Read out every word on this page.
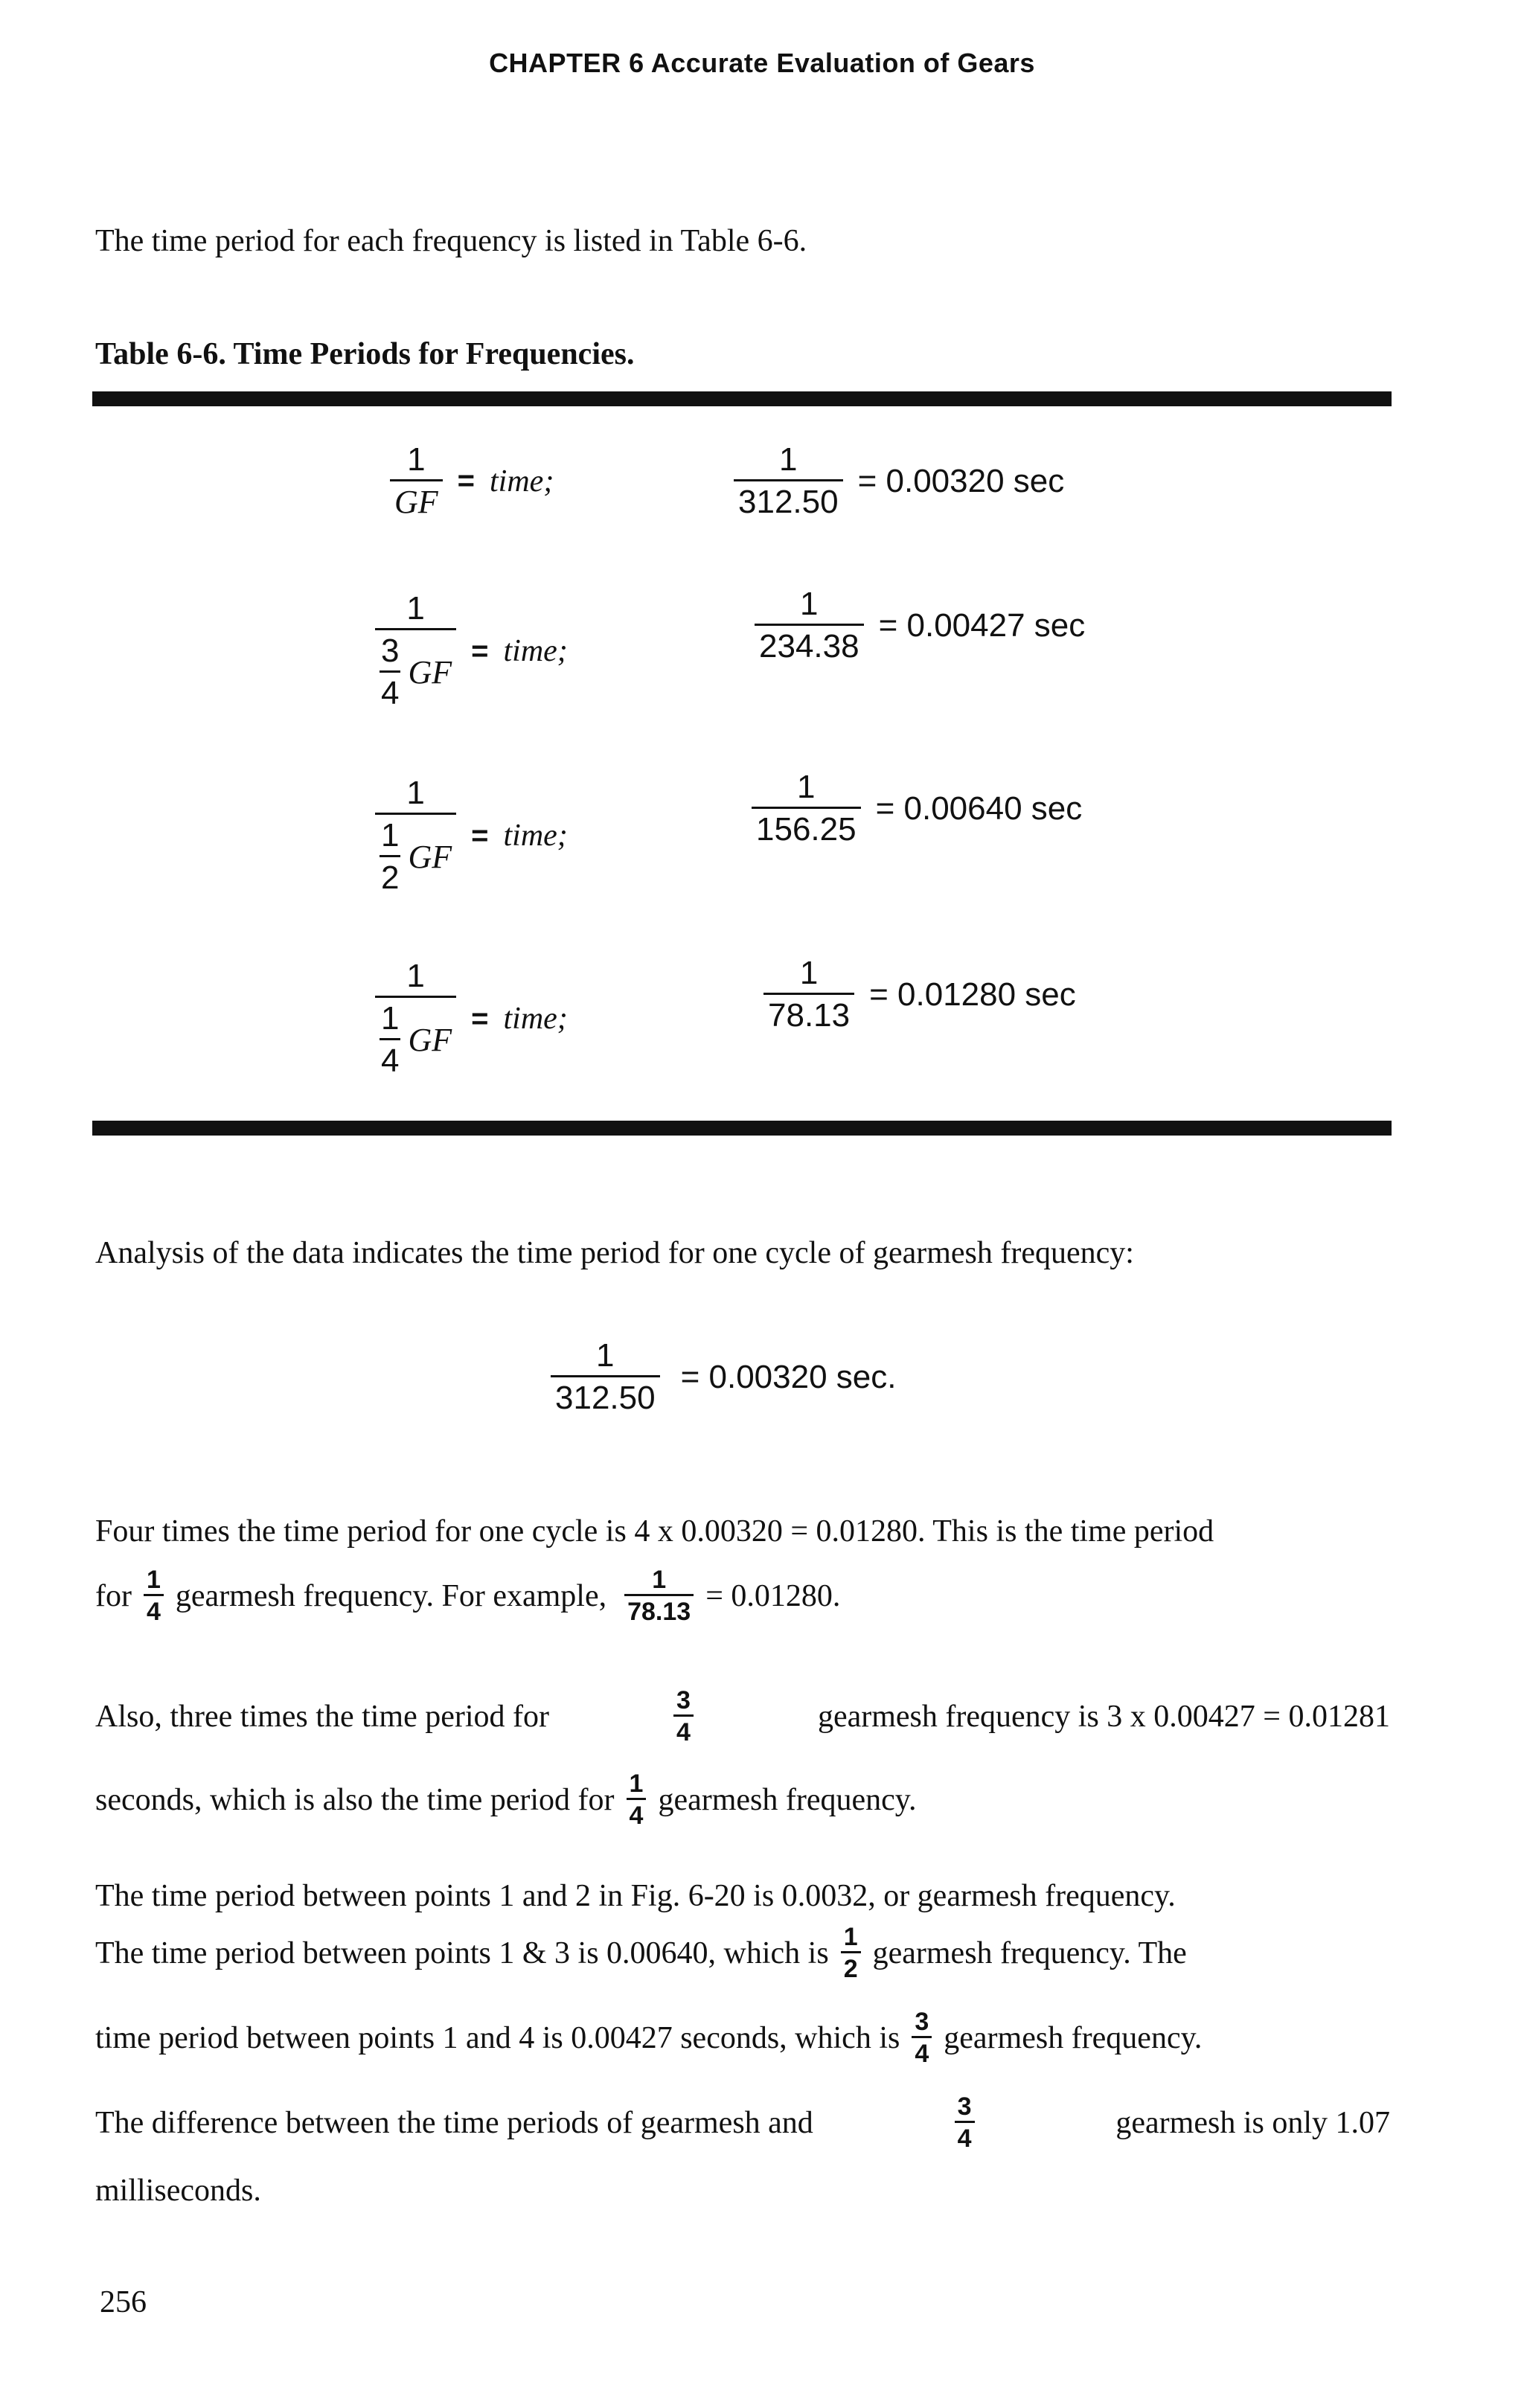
CHAPTER 6 Accurate Evaluation of Gears

The time period for each frequency is listed in Table 6-6.

Table 6-6. Time Periods for Frequencies.
$\frac{1}{GF}$ = time;	$\frac{1}{312.50} = 0.00320$ sec
$\frac{1}{\frac{3}{4} GF}$ = time;	$\frac{1}{234.38} = 0.00427$ sec
$\frac{1}{\frac{1}{2} GF}$ = time;	$\frac{1}{156.25} = 0.00640$ sec
$\frac{1}{\frac{1}{4} GF}$ = time;	$\frac{1}{78.13} = 0.01280$ sec

Analysis of the data indicates the time period for one cycle of gearmesh frequency:

$\frac{1}{312.50} = 0.00320$ sec.

Four times the time period for one cycle is 4 x 0.00320 = 0.01280. This is the time period

for $\frac{1}{4}$ gearmesh frequency. For example, $\frac{1}{78.13} = 0.01280$.
Also, three times the time period for	$\frac{3}{4}$	gearmesh frequency is 3 x 0.00427 = 0.01281
seconds, which is also the time period for $\frac{1}{4}$ gearmesh frequency.

The time period between points 1 and 2 in Fig. 6-20 is 0.0032, or gearmesh frequency.

The time period between points 1 & 3 is 0.00640, which is $\frac{1}{2}$ gearmesh frequency. The
time period between points 1 and 4 is 0.00427 seconds, which is $\frac{3}{4}$ gearmesh frequency.
The difference between the time periods of gearmesh and	$\frac{3}{4}$	gearmesh is only 1.07

milliseconds.

256
